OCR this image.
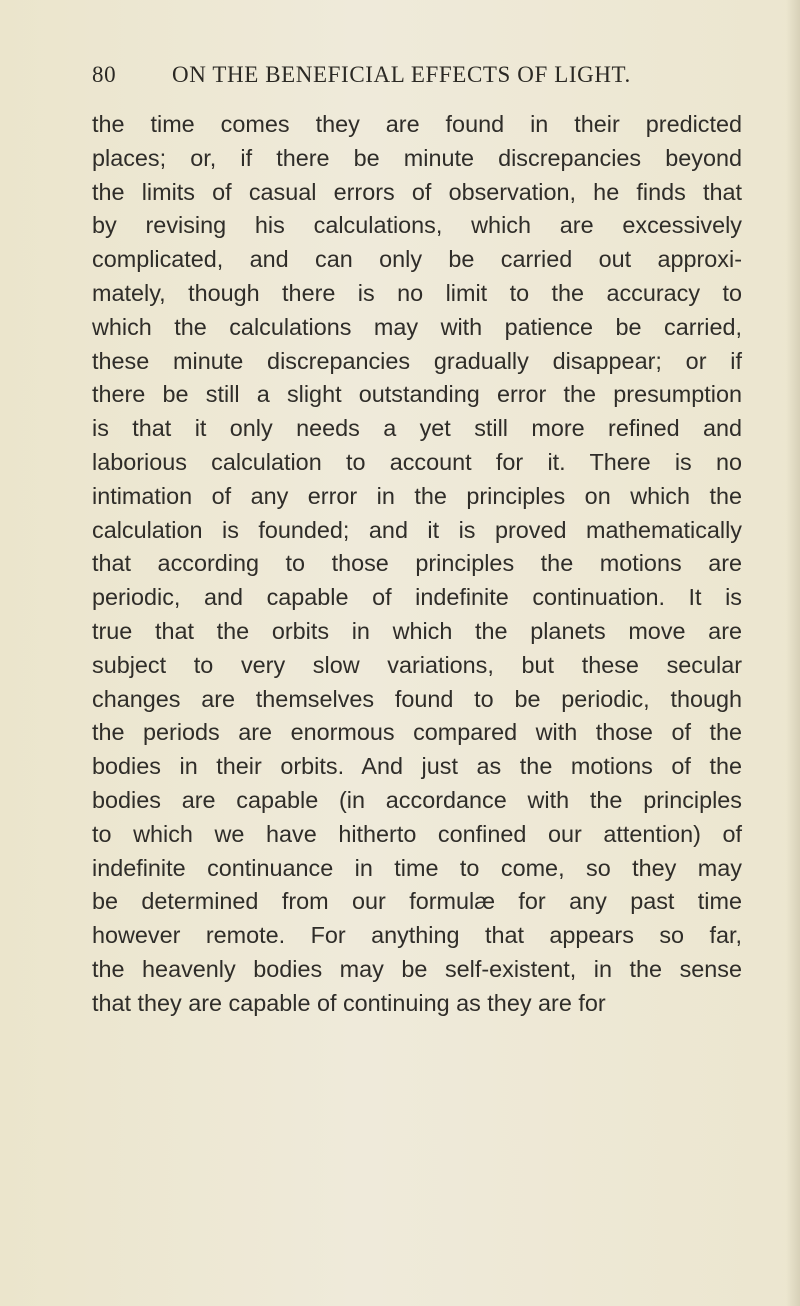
80 ON THE BENEFICIAL EFFECTS OF LIGHT.

the time comes they are found in their predicted
places; or, if there be minute discrepancies beyond
the limits of casual errors of observation, he finds that
by revising his calculations, which are excessively
complicated, and can only be carried out approxi-
mately, though there is no limit to the accuracy to
which the calculations may with patience be carried,
these minute discrepancies gradually disappear; or if
there be still a slight outstanding error the presumption
is that it only needs a yet still more refined and
laborious calculation to account for it. There is no
intimation of any error in the principles on which the
calculation is founded; and it is proved mathematically
that according to those principles the motions are
periodic, and capable of indefinite continuation. It is
true that the orbits in which the planets move are
subject to very slow variations, but these secular
changes are themselves found to be periodic, though
the periods are enormous compared with those of the
bodies in their orbits. And just as the motions of the
bodies are capable (in accordance with the principles
to which we have hitherto confined our attention) of
indefinite continuance in time to come, so they may
be determined from our formulæ for any past time
however remote. For anything that appears so far,
the heavenly bodies may be self-existent, in the sense
that they are capable of continuing as they are for
